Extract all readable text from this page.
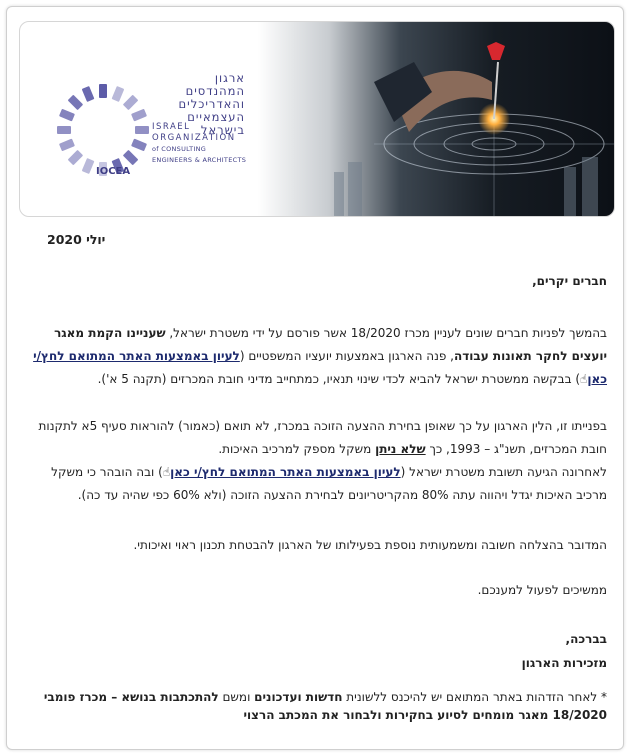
ארגון המהנדסים
והאדריכלים
העצמאיים
בישראל
ISRAEL
ORGANIZATION
of CONSULTING
ENGINEERS & ARCHITECTS
IOCEA
יולי 2020
חברים יקרים,
בהמשך לפניות חברים שונים לעניין מכרז 18/2020 אשר פורסם על ידי משטרת ישראל, שעניינו הקמת מאגר יועצים לחקר תאונות עבודה, פנה הארגון באמצעות יועציו המשפטיים (לעיון באמצעות האתר המתואם לחץ/י כאן☝) בבקשה ממשטרת ישראל להביא לכדי שינוי תנאיו, כמתחייב מדיני חובת המכרזים (תקנה 5 א').
בפנייתו זו, הלין הארגון על כך שאופן בחירת ההצעה הזוכה במכרז, לא תואם (כאמור) להוראות סעיף 5א לתקנות חובת המכרזים, תשנ"ג – 1993, כך שלא ניתן משקל מספק למרכיב האיכות.
לאחרונה הגיעה תשובת משטרת ישראל (לעיון באמצעות האתר המתואם לחץ/י כאן☝) ובה הובהר כי משקל מרכיב האיכות יגדל ויהווה עתה 80% מהקריטריונים לבחירת ההצעה הזוכה (ולא 60% כפי שהיה עד כה).
המדובר בהצלחה חשובה ומשמעותית נוספת בפעילותו של הארגון להבטחת תכנון ראוי ואיכותי.
ממשיכים לפעול למענכם.
בברכה,
מזכירות הארגון
* לאחר הזדהות באתר המתואם יש להיכנס ללשונית חדשות ועדכונים ומשם להתכתבות בנושא – מכרז פומבי 18/2020 מאגר מומחים לסיוע בחקירות ולבחור את המכתב הרצוי
